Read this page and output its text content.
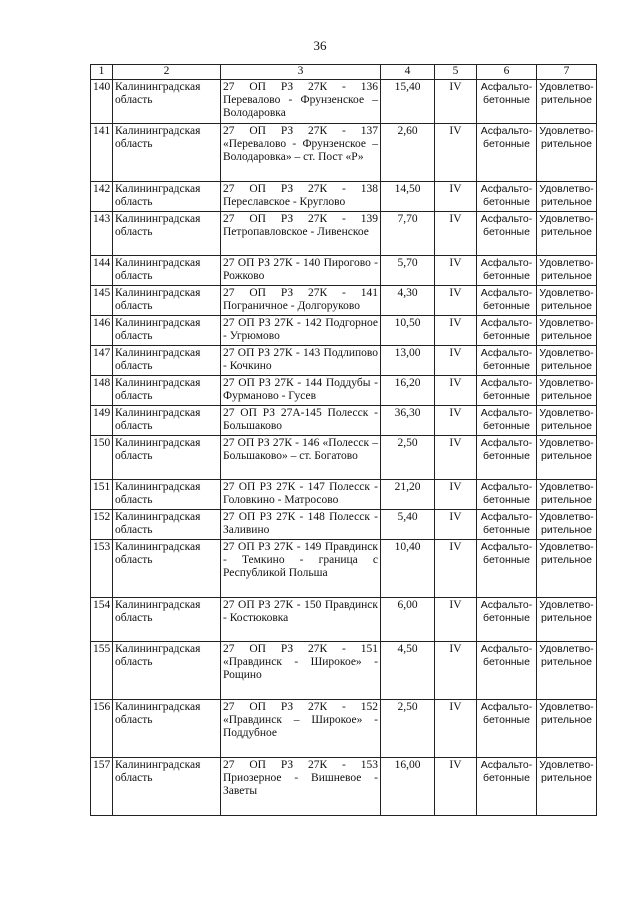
36
1	2	3	4	5	6	7
140	Калининградская область	27 ОП РЗ 27К - 136 Перевалово - Фрунзенское – Володаровка	15,40	IV	Асфальто-бетонные	Удовлетво-рительное
141	Калининградская область	27 ОП РЗ 27К - 137 «Перевалово - Фрунзенское – Володаровка» – ст. Пост «Р»	2,60	IV	Асфальто-бетонные	Удовлетво-рительное
142	Калининградская область	27 ОП РЗ 27К - 138 Переславское - Круглово	14,50	IV	Асфальто-бетонные	Удовлетво-рительное
143	Калининградская область	27 ОП РЗ 27К - 139 Петропавловское - Ливенское	7,70	IV	Асфальто-бетонные	Удовлетво-рительное
144	Калининградская область	27 ОП РЗ 27К - 140 Пирогово - Рожково	5,70	IV	Асфальто-бетонные	Удовлетво-рительное
145	Калининградская область	27 ОП РЗ 27К - 141 Пограничное - Долгоруково	4,30	IV	Асфальто-бетонные	Удовлетво-рительное
146	Калининградская область	27 ОП РЗ 27К - 142 Подгорное - Угрюмово	10,50	IV	Асфальто-бетонные	Удовлетво-рительное
147	Калининградская область	27 ОП РЗ 27К - 143 Подлипово - Кочкино	13,00	IV	Асфальто-бетонные	Удовлетво-рительное
148	Калининградская область	27 ОП РЗ 27К - 144 Поддубы - Фурманово - Гусев	16,20	IV	Асфальто-бетонные	Удовлетво-рительное
149	Калининградская область	27 ОП РЗ 27А-145 Полесск - Большаково	36,30	IV	Асфальто-бетонные	Удовлетво-рительное
150	Калининградская область	27 ОП РЗ 27К - 146 «Полесск – Большаково» – ст. Богатово	2,50	IV	Асфальто-бетонные	Удовлетво-рительное
151	Калининградская область	27 ОП РЗ 27К - 147 Полесск - Головкино - Матросово	21,20	IV	Асфальто-бетонные	Удовлетво-рительное
152	Калининградская область	27 ОП РЗ 27К - 148 Полесск - Заливино	5,40	IV	Асфальто-бетонные	Удовлетво-рительное
153	Калининградская область	27 ОП РЗ 27К - 149 Правдинск - Темкино - граница с Республикой Польша	10,40	IV	Асфальто-бетонные	Удовлетво-рительное
154	Калининградская область	27 ОП РЗ 27К - 150 Правдинск - Костюковка	6,00	IV	Асфальто-бетонные	Удовлетво-рительное
155	Калининградская область	27 ОП РЗ 27К - 151 «Правдинск - Широкое» - Рощино	4,50	IV	Асфальто-бетонные	Удовлетво-рительное
156	Калининградская область	27 ОП РЗ 27К - 152 «Правдинск – Широкое» - Поддубное	2,50	IV	Асфальто-бетонные	Удовлетво-рительное
157	Калининградская область	27 ОП РЗ 27К - 153 Приозерное - Вишневое - Заветы	16,00	IV	Асфальто-бетонные	Удовлетво-рительное
